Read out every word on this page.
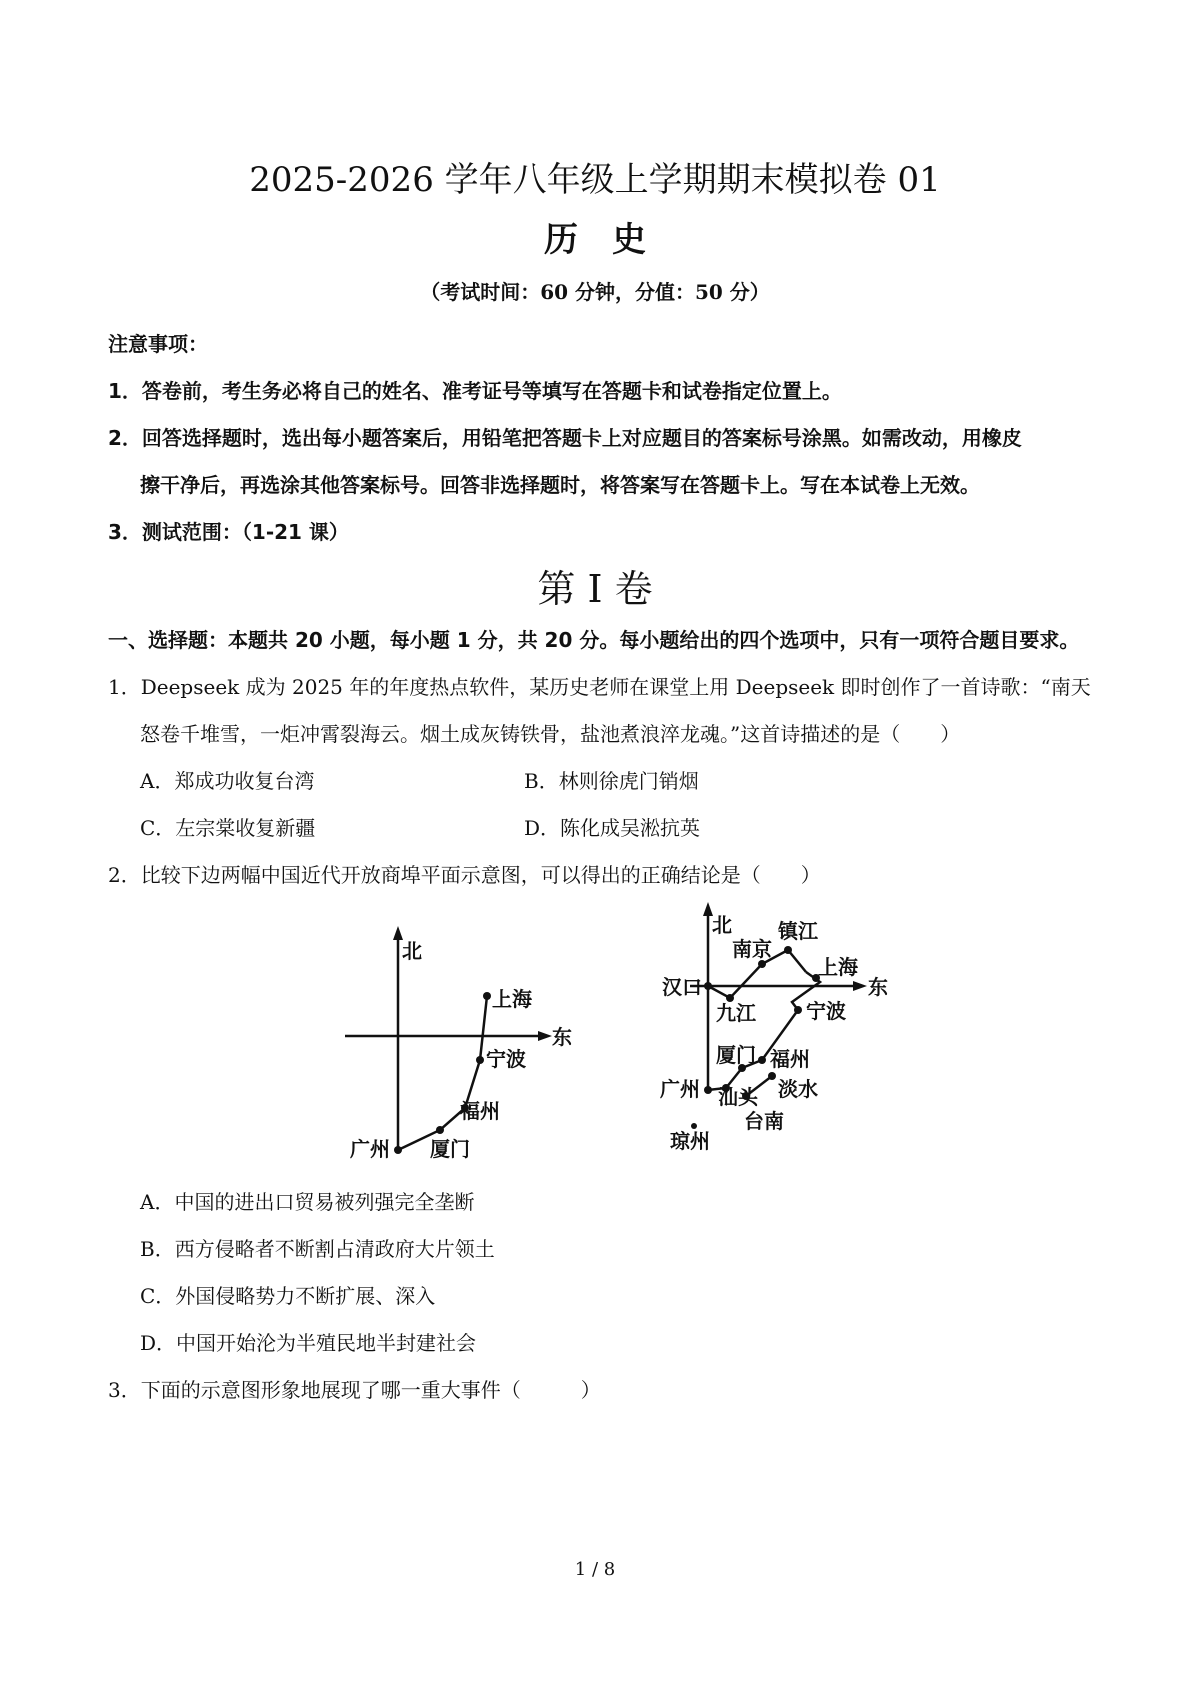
2025-2026 学年八年级上学期期末模拟卷 01
历史
（考试时间：60 分钟，分值：50 分）
注意事项：
1．答卷前，考生务必将自己的姓名、准考证号等填写在答题卡和试卷指定位置上。
2．回答选择题时，选出每小题答案后，用铅笔把答题卡上对应题目的答案标号涂黑。如需改动，用橡皮
擦干净后，再选涂其他答案标号。回答非选择题时，将答案写在答题卡上。写在本试卷上无效。
3．测试范围：（1-21 课）
第 I 卷
一、选择题：本题共 20 小题，每小题 1 分，共 20 分。每小题给出的四个选项中，只有一项符合题目要求。
1．Deepseek 成为 2025 年的年度热点软件，某历史老师在课堂上用 Deepseek 即时创作了一首诗歌：“南天
怒卷千堆雪，一炬冲霄裂海云。烟土成灰铸铁骨，盐池煮浪淬龙魂。”这首诗描述的是（　　）
A．郑成功收复台湾	B．林则徐虎门销烟
C．左宗棠收复新疆	D．陈化成吴淞抗英
2．比较下边两幅中国近代开放商埠平面示意图，可以得出的正确结论是（　　）
北
东
上海
宁波
福州
厦门
广州
北
东
南京
镇江
汉口
上海
九江	宁波
厦门 福州
广州 汕头 淡水
台南
琼州
A．中国的进出口贸易被列强完全垄断
B．西方侵略者不断割占清政府大片领土
C．外国侵略势力不断扩展、深入
D．中国开始沦为半殖民地半封建社会
3．下面的示意图形象地展现了哪一重大事件（　　　）
1 / 8
